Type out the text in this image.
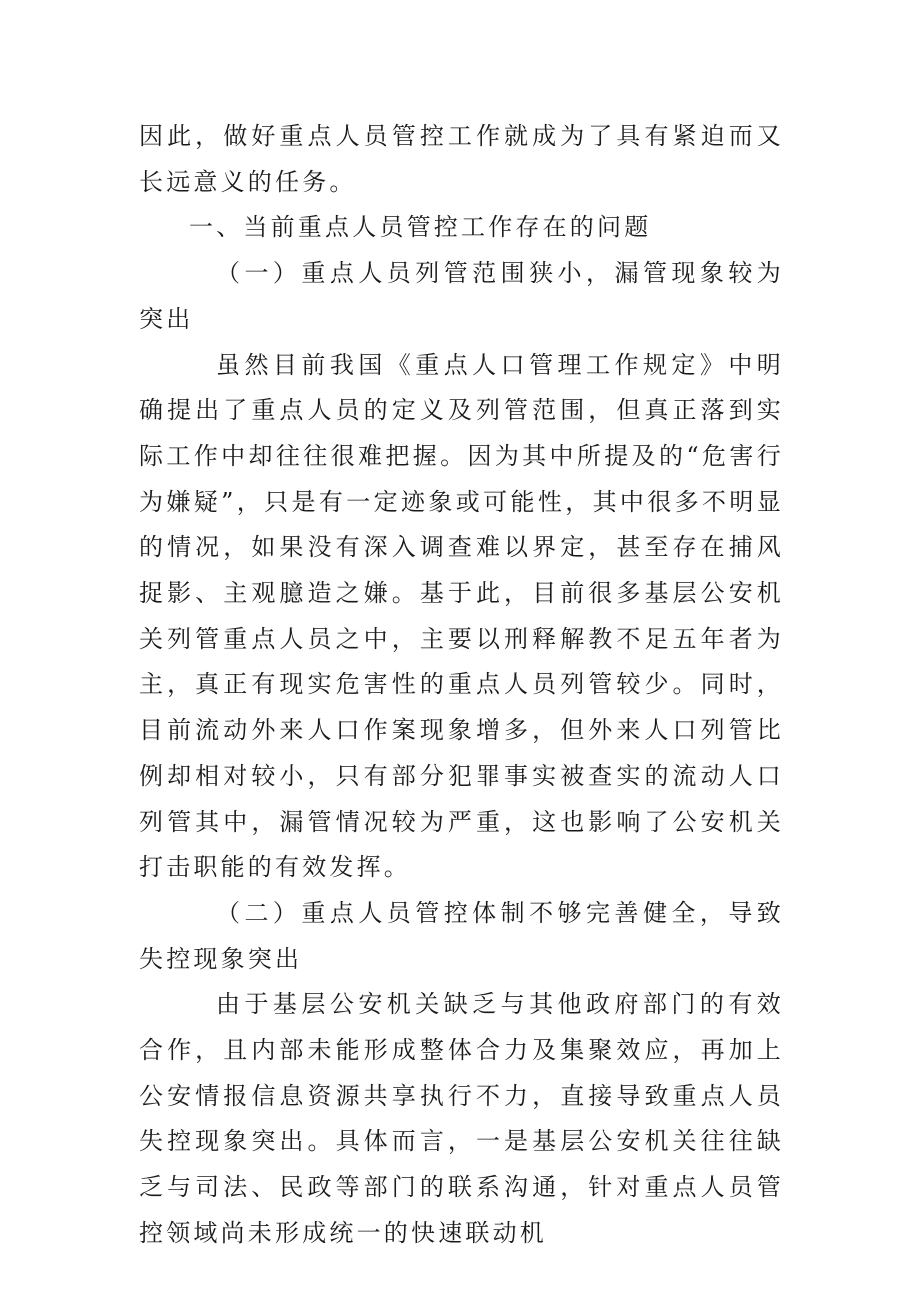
因此，做好重点人员管控工作就成为了具有紧迫而又长远意义的任务。

一、当前重点人员管控工作存在的问题

（一）重点人员列管范围狭小，漏管现象较为突出

虽然目前我国《重点人口管理工作规定》中明确提出了重点人员的定义及列管范围，但真正落到实际工作中却往往很难把握。因为其中所提及的“危害行为嫌疑”，只是有一定迹象或可能性，其中很多不明显的情况，如果没有深入调查难以界定，甚至存在捕风捉影、主观臆造之嫌。基于此，目前很多基层公安机关列管重点人员之中，主要以刑释解教不足五年者为主，真正有现实危害性的重点人员列管较少。同时，目前流动外来人口作案现象增多，但外来人口列管比例却相对较小，只有部分犯罪事实被查实的流动人口列管其中，漏管情况较为严重，这也影响了公安机关打击职能的有效发挥。

（二）重点人员管控体制不够完善健全，导致失控现象突出

由于基层公安机关缺乏与其他政府部门的有效合作，且内部未能形成整体合力及集聚效应，再加上公安情报信息资源共享执行不力，直接导致重点人员失控现象突出。具体而言，一是基层公安机关往往缺乏与司法、民政等部门的联系沟通，针对重点人员管控领域尚未形成统一的快速联动机
